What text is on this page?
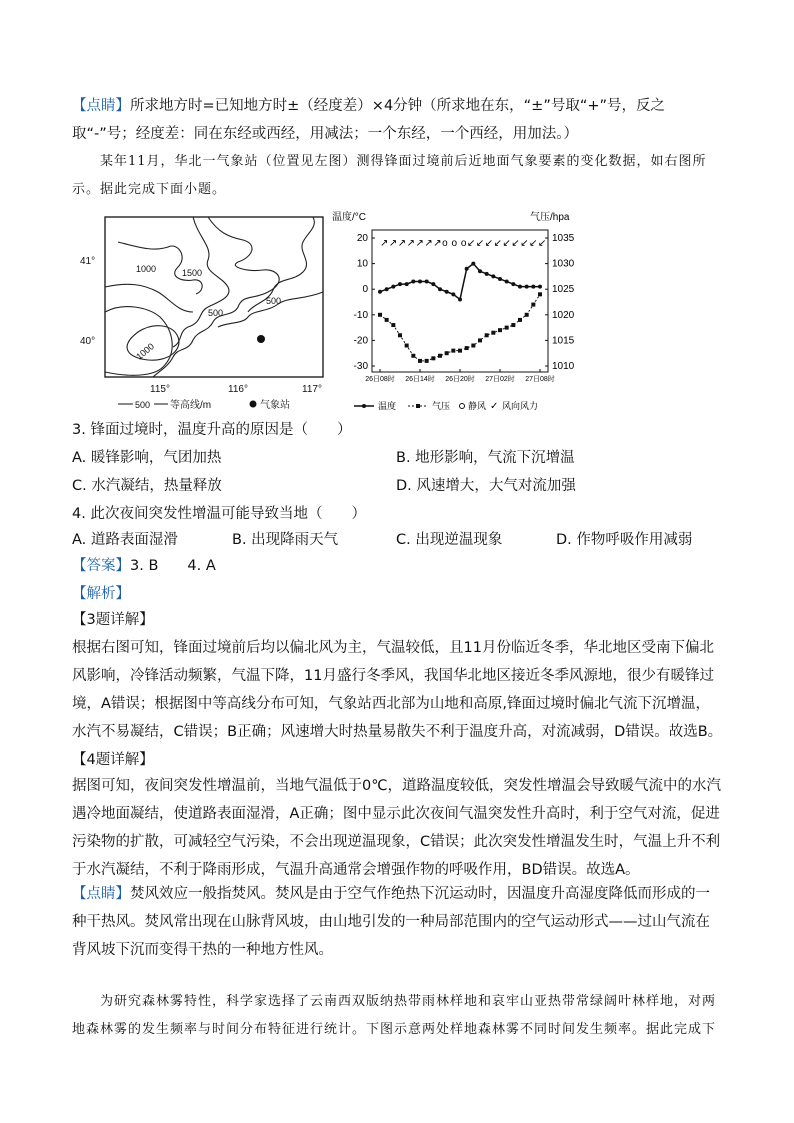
【点睛】所求地方时=已知地方时±（经度差）×4分钟（所求地在东，“±”号取“+”号，反之取“-”号；经度差：同在东经或西经，用减法；一个东经，一个西经，用加法。）

某年11月，华北一气象站（位置见左图）测得锋面过境前后近地面气象要素的变化数据，如右图所示。据此完成下面小题。

41°
40°
115°	116°	117°
1000	1500
500
500
1000
500 等高线/m	气象站
温度/°C	气压/hpa
20
10
0
-10
-20
-30
1035
1030
1025
1020
1015
1010
26日08时 26日14时 26日20时 27日02时 27日08时
↗↗↗↗↗↗↗ο ο ο↙↙↙↙↙↙↙↙↙
温度	气压 静风 ✓ 风向风力

3. 锋面过境时，温度升高的原因是（　　）

A. 暖锋影响，气团加热	B. 地形影响，气流下沉增温
C. 水汽凝结，热量释放	D. 风速增大，大气对流加强

4. 此次夜间突发性增温可能导致当地（　　）

A. 道路表面湿滑	B. 出现降雨天气	C. 出现逆温现象	D. 作物呼吸作用减弱

【答案】3. B　　4. A

【解析】

【3题详解】

根据右图可知，锋面过境前后均以偏北风为主，气温较低，且11月份临近冬季，华北地区受南下偏北风影响，冷锋活动频繁，气温下降，11月盛行冬季风，我国华北地区接近冬季风源地，很少有暖锋过境，A错误；根据图中等高线分布可知，气象站西北部为山地和高原,锋面过境时偏北气流下沉增温，水汽不易凝结，C错误；B正确；风速增大时热量易散失不利于温度升高，对流减弱，D错误。故选B。

【4题详解】

据图可知，夜间突发性增温前，当地气温低于0℃，道路温度较低，突发性增温会导致暖气流中的水汽遇冷地面凝结，使道路表面湿滑，A正确；图中显示此次夜间气温突发性升高时，利于空气对流，促进污染物的扩散，可减轻空气污染，不会出现逆温现象，C错误；此次突发性增温发生时，气温上升不利于水汽凝结，不利于降雨形成，气温升高通常会增强作物的呼吸作用，BD错误。故选A。

【点睛】焚风效应一般指焚风。焚风是由于空气作绝热下沉运动时，因温度升高湿度降低而形成的一种干热风。焚风常出现在山脉背风坡，由山地引发的一种局部范围内的空气运动形式——过山气流在背风坡下沉而变得干热的一种地方性风。

为研究森林雾特性，科学家选择了云南西双版纳热带雨林样地和哀牢山亚热带常绿阔叶林样地，对两地森林雾的发生频率与时间分布特征进行统计。下图示意两处样地森林雾不同时间发生频率。据此完成下
